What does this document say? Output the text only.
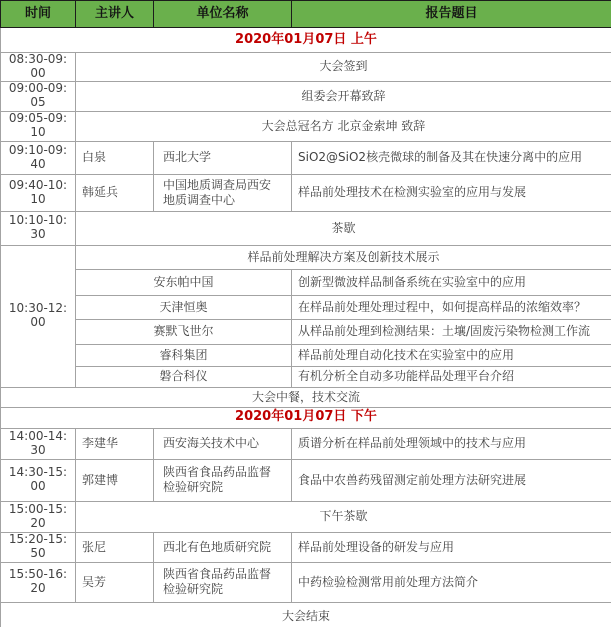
时间	主讲人	单位名称	报告题目
2020年01月07日 上午			
08:30-09:00	大会签到		
09:00-09:05	组委会开幕致辞		
09:05-09:10	大会总冠名方 北京金索坤 致辞		
09:10-09:40	白泉	西北大学	SiO2@SiO2核壳微球的制备及其在快速分离中的应用
09:40-10:10	韩延兵	中国地质调查局西安地质调查中心	样品前处理技术在检测实验室的应用与发展
10:10-10:30	茶歇		
10:30-12:00	样品前处理解决方案及创新技术展示		
	安东帕中国		创新型微波样品制备系统在实验室中的应用
	天津恒奥		在样品前处理处理过程中，如何提高样品的浓缩效率？
	赛默飞世尔		从样品前处理到检测结果：土壤/固废污染物检测工作流
	睿科集团		样品前处理自动化技术在实验室中的应用
	磐合科仪		有机分析全自动多功能样品处理平台介绍
大会中餐，技术交流			
2020年01月07日 下午			
14:00-14:30	李建华	西安海关技术中心	质谱分析在样品前处理领域中的技术与应用
14:30-15:00	郭建博	陕西省食品药品监督检验研究院	食品中农兽药残留测定前处理方法研究进展
15:00-15:20	下午茶歇		
15:20-15:50	张尼	西北有色地质研究院	样品前处理设备的研发与应用
15:50-16:20	吴芳	陕西省食品药品监督检验研究院	中药检验检测常用前处理方法简介
大会结束			
